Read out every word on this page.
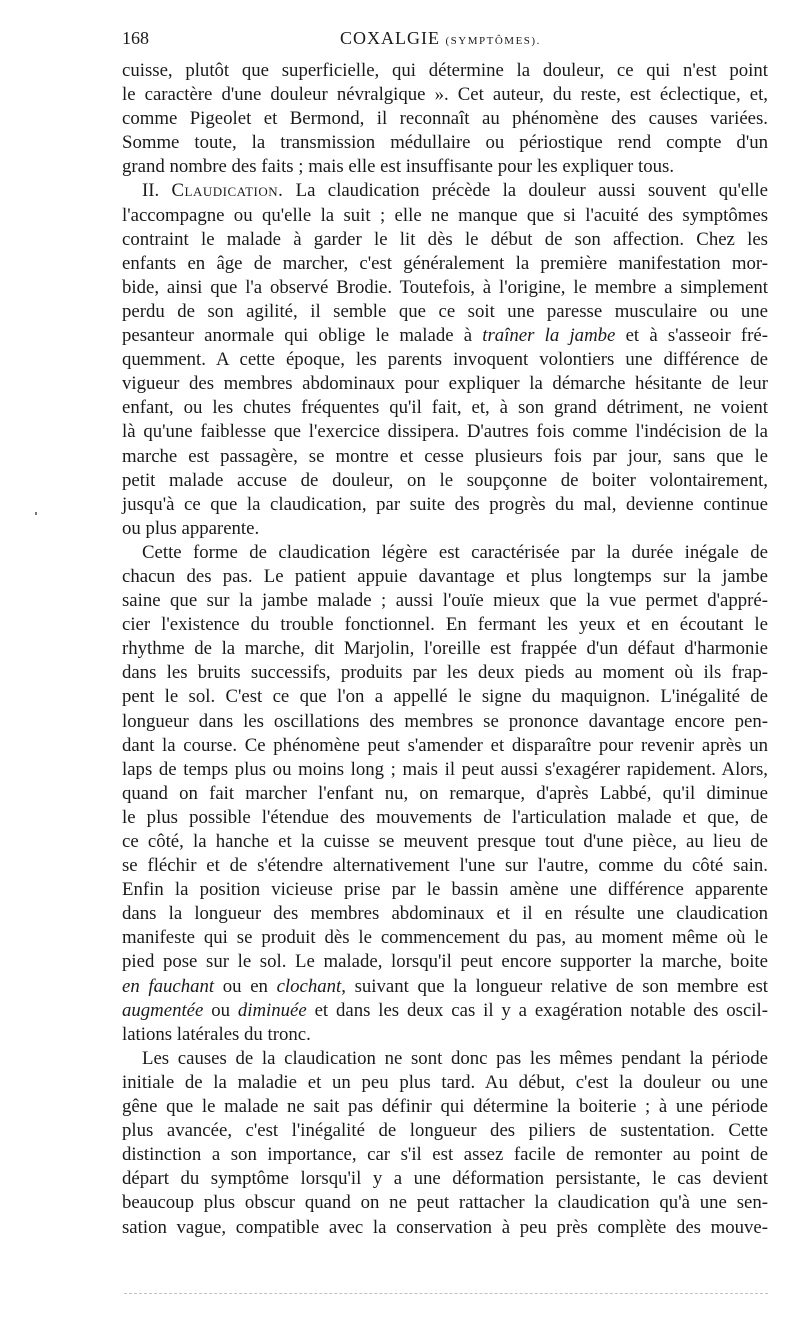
168	COXALGIE (SYMPTÔMES).
cuisse, plutôt que superficielle, qui détermine la douleur, ce qui n'est point
le caractère d'une douleur névralgique ». Cet auteur, du reste, est éclectique, et,
comme Pigeolet et Bermond, il reconnaît au phénomène des causes variées.
Somme toute, la transmission médullaire ou périostique rend compte d'un
grand nombre des faits ; mais elle est insuffisante pour les expliquer tous.
II. Claudication. La claudication précède la douleur aussi souvent qu'elle
l'accompagne ou qu'elle la suit ; elle ne manque que si l'acuité des symptômes
contraint le malade à garder le lit dès le début de son affection. Chez les
enfants en âge de marcher, c'est généralement la première manifestation mor-
bide, ainsi que l'a observé Brodie. Toutefois, à l'origine, le membre a simplement
perdu de son agilité, il semble que ce soit une paresse musculaire ou une
pesanteur anormale qui oblige le malade à traîner la jambe et à s'asseoir fré-
quemment. A cette époque, les parents invoquent volontiers une différence de
vigueur des membres abdominaux pour expliquer la démarche hésitante de leur
enfant, ou les chutes fréquentes qu'il fait, et, à son grand détriment, ne voient
là qu'une faiblesse que l'exercice dissipera. D'autres fois comme l'indécision de la
marche est passagère, se montre et cesse plusieurs fois par jour, sans que le
petit malade accuse de douleur, on le soupçonne de boiter volontairement,
jusqu'à ce que la claudication, par suite des progrès du mal, devienne continue
ou plus apparente.
Cette forme de claudication légère est caractérisée par la durée inégale de
chacun des pas. Le patient appuie davantage et plus longtemps sur la jambe
saine que sur la jambe malade ; aussi l'ouïe mieux que la vue permet d'appré-
cier l'existence du trouble fonctionnel. En fermant les yeux et en écoutant le
rhythme de la marche, dit Marjolin, l'oreille est frappée d'un défaut d'harmonie
dans les bruits successifs, produits par les deux pieds au moment où ils frap-
pent le sol. C'est ce que l'on a appellé le signe du maquignon. L'inégalité de
longueur dans les oscillations des membres se prononce davantage encore pen-
dant la course. Ce phénomène peut s'amender et disparaître pour revenir après un
laps de temps plus ou moins long ; mais il peut aussi s'exagérer rapidement. Alors,
quand on fait marcher l'enfant nu, on remarque, d'après Labbé, qu'il diminue
le plus possible l'étendue des mouvements de l'articulation malade et que, de
ce côté, la hanche et la cuisse se meuvent presque tout d'une pièce, au lieu de
se fléchir et de s'étendre alternativement l'une sur l'autre, comme du côté sain.
Enfin la position vicieuse prise par le bassin amène une différence apparente
dans la longueur des membres abdominaux et il en résulte une claudication
manifeste qui se produit dès le commencement du pas, au moment même où le
pied pose sur le sol. Le malade, lorsqu'il peut encore supporter la marche, boite
en fauchant ou en clochant, suivant que la longueur relative de son membre est
augmentée ou diminuée et dans les deux cas il y a exagération notable des oscil-
lations latérales du tronc.
Les causes de la claudication ne sont donc pas les mêmes pendant la période
initiale de la maladie et un peu plus tard. Au début, c'est la douleur ou une
gêne que le malade ne sait pas définir qui détermine la boiterie ; à une période
plus avancée, c'est l'inégalité de longueur des piliers de sustentation. Cette
distinction a son importance, car s'il est assez facile de remonter au point de
départ du symptôme lorsqu'il y a une déformation persistante, le cas devient
beaucoup plus obscur quand on ne peut rattacher la claudication qu'à une sen-
sation vague, compatible avec la conservation à peu près complète des mouve-
